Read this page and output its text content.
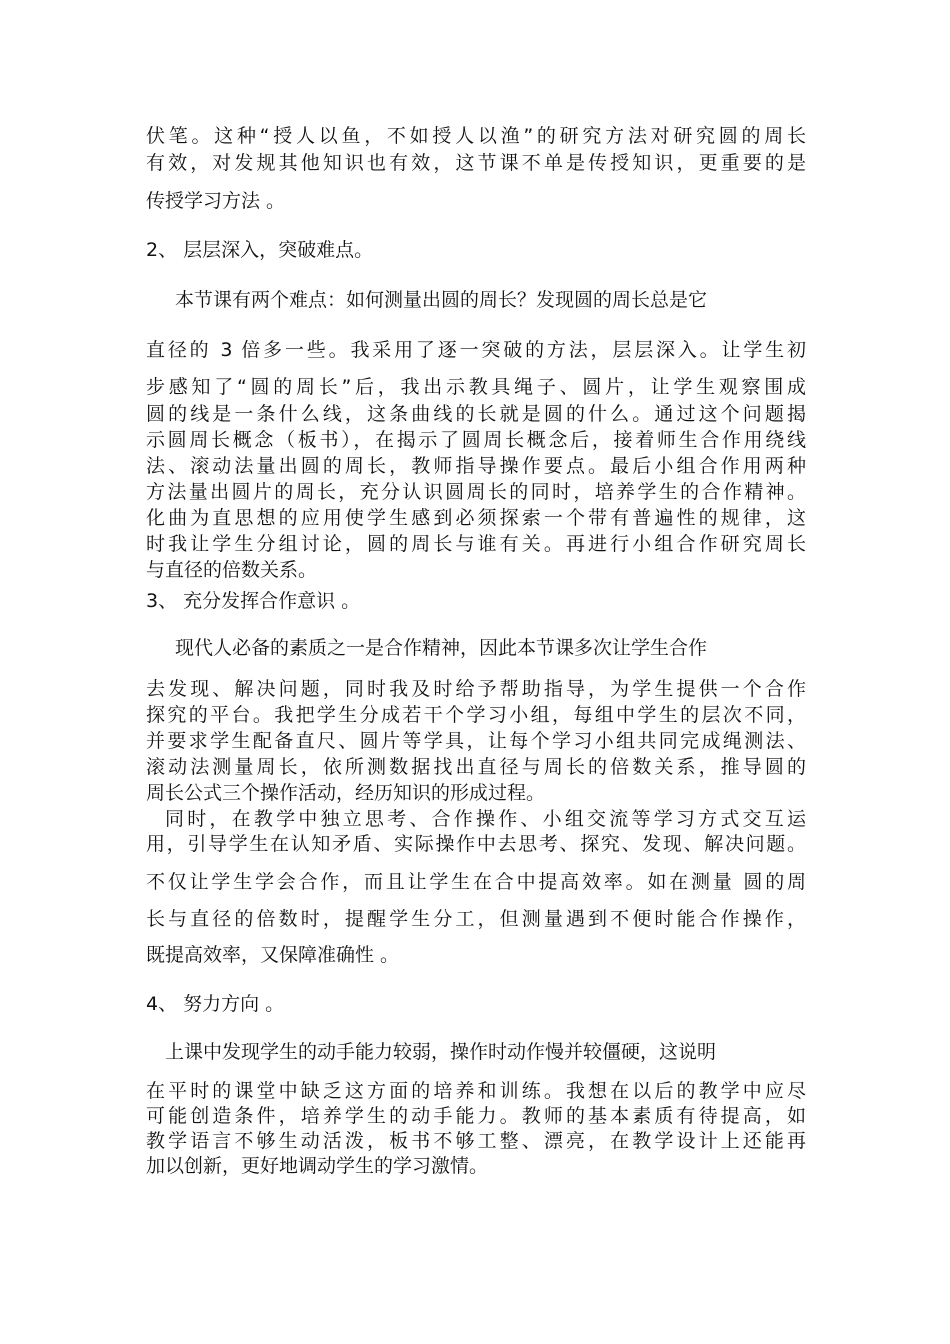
伏笔。这种“授人以鱼，不如授人以渔”的研究方法对研究圆的周长
有效，对发规其他知识也有效，这节课不单是传授知识，更重要的是
传授学习方法 。
2、 层层深入，突破难点。
本节课有两个难点：如何测量出圆的周长？发现圆的周长总是它
直径的 3 倍多一些。我采用了逐一突破的方法，层层深入。让学生初
步感知了“圆的周长”后，我出示教具绳子、圆片，让学生观察围成
圆的线是一条什么线，这条曲线的长就是圆的什么。通过这个问题揭
示圆周长概念（板书），在揭示了圆周长概念后，接着师生合作用绕线
法、滚动法量出圆的周长，教师指导操作要点。最后小组合作用两种
方法量出圆片的周长，充分认识圆周长的同时，培养学生的合作精神。
化曲为直思想的应用使学生感到必须探索一个带有普遍性的规律，这
时我让学生分组讨论，圆的周长与谁有关。再进行小组合作研究周长
与直径的倍数关系。
3、 充分发挥合作意识 。
现代人必备的素质之一是合作精神，因此本节课多次让学生合作
去发现、解决问题，同时我及时给予帮助指导，为学生提供一个合作
探究的平台。我把学生分成若干个学习小组，每组中学生的层次不同，
并要求学生配备直尺、圆片等学具，让每个学习小组共同完成绳测法、
滚动法测量周长，依所测数据找出直径与周长的倍数关系，推导圆的
周长公式三个操作活动，经历知识的形成过程。
同时，在教学中独立思考、合作操作、小组交流等学习方式交互运
用，引导学生在认知矛盾、实际操作中去思考、探究、发现、解决问题。
不仅让学生学会合作，而且让学生在合中提高效率。如在测量 圆的周
长与直径的倍数时，提醒学生分工，但测量遇到不便时能合作操作，
既提高效率，又保障准确性 。
4、 努力方向 。
上课中发现学生的动手能力较弱，操作时动作慢并较僵硬，这说明
在平时的课堂中缺乏这方面的培养和训练。我想在以后的教学中应尽
可能创造条件，培养学生的动手能力。教师的基本素质有待提高，如
教学语言不够生动活泼，板书不够工整、漂亮，在教学设计上还能再
加以创新，更好地调动学生的学习激情。
